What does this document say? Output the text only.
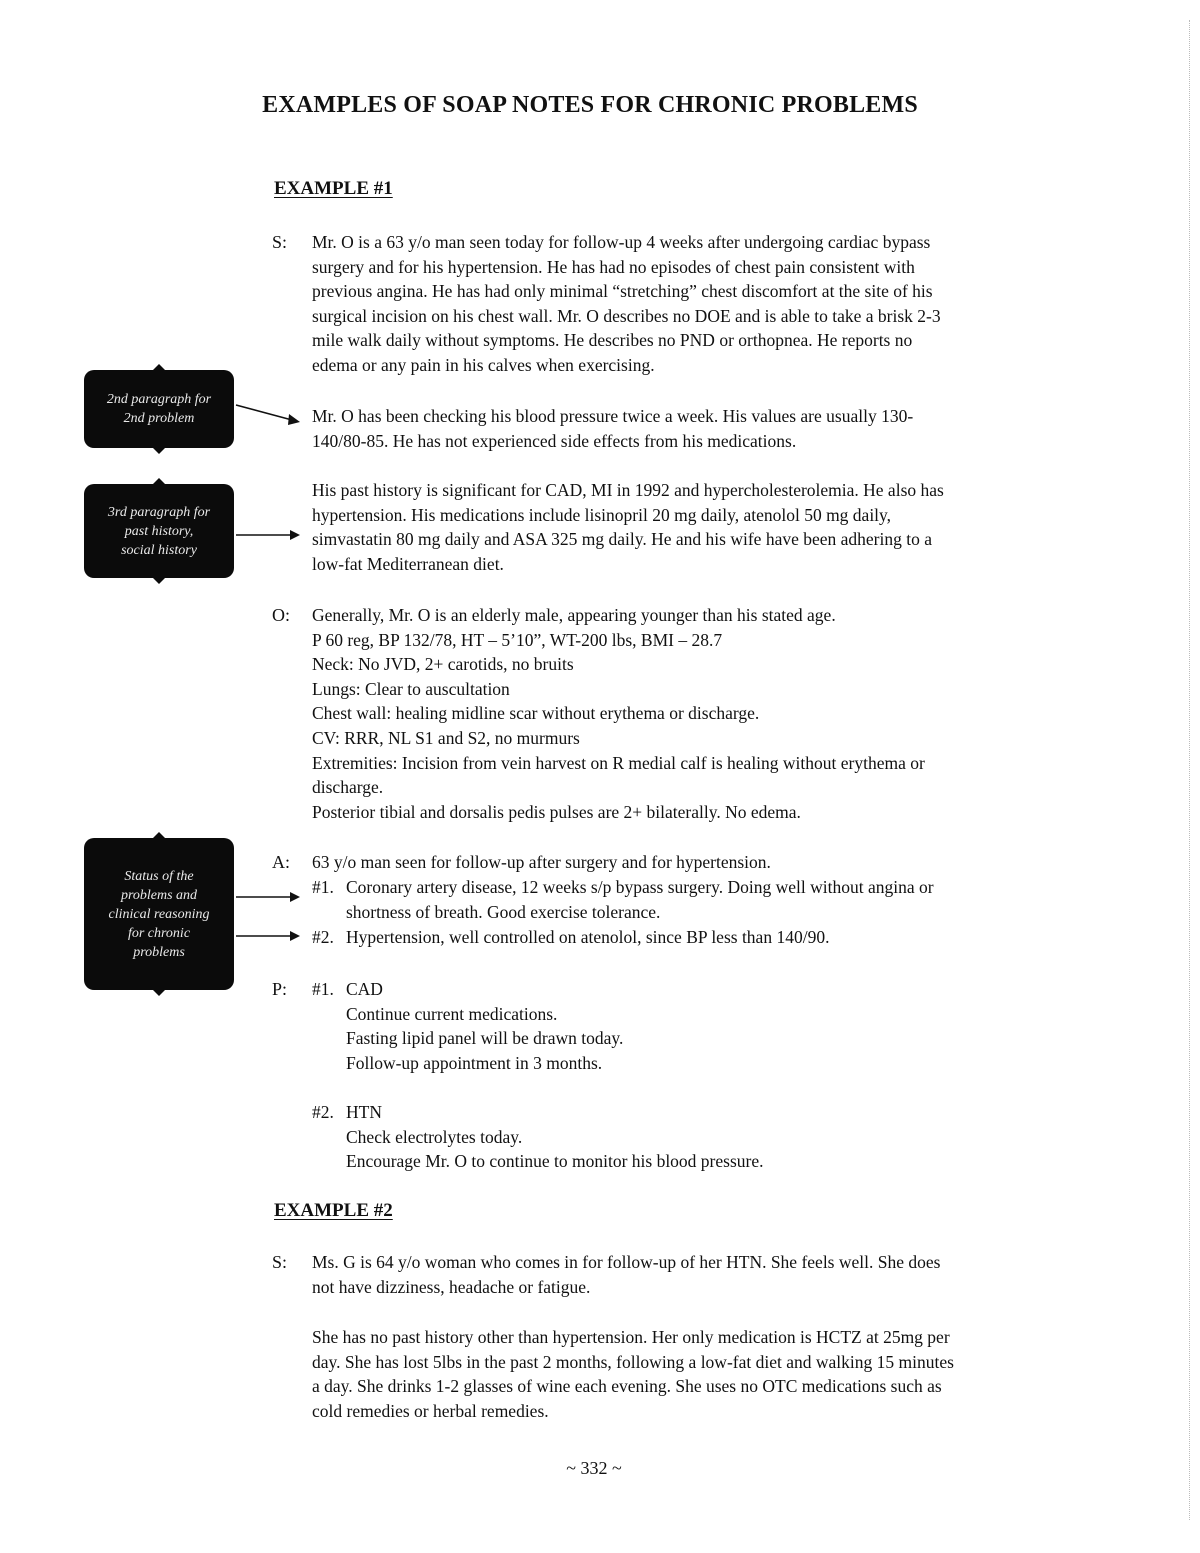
EXAMPLES OF SOAP NOTES FOR CHRONIC PROBLEMS
EXAMPLE #1
S: Mr. O is a 63 y/o man seen today for follow-up 4 weeks after undergoing cardiac bypass
surgery and for his hypertension. He has had no episodes of chest pain consistent with
previous angina. He has had only minimal “stretching” chest discomfort at the site of his
surgical incision on his chest wall. Mr. O describes no DOE and is able to take a brisk 2-3
mile walk daily without symptoms. He describes no PND or orthopnea. He reports no
edema or any pain in his calves when exercising.
Mr. O has been checking his blood pressure twice a week. His values are usually 130-
140/80-85. He has not experienced side effects from his medications.
His past history is significant for CAD, MI in 1992 and hypercholesterolemia. He also has
hypertension. His medications include lisinopril 20 mg daily, atenolol 50 mg daily,
simvastatin 80 mg daily and ASA 325 mg daily. He and his wife have been adhering to a
low-fat Mediterranean diet.
O: Generally, Mr. O is an elderly male, appearing younger than his stated age.
P 60 reg, BP 132/78, HT – 5’10”, WT-200 lbs, BMI – 28.7
Neck: No JVD, 2+ carotids, no bruits
Lungs: Clear to auscultation
Chest wall: healing midline scar without erythema or discharge.
CV: RRR, NL S1 and S2, no murmurs
Extremities: Incision from vein harvest on R medial calf is healing without erythema or
discharge.
Posterior tibial and dorsalis pedis pulses are 2+ bilaterally. No edema.
A: 63 y/o man seen for follow-up after surgery and for hypertension.
#1. Coronary artery disease, 12 weeks s/p bypass surgery. Doing well without angina or
shortness of breath. Good exercise tolerance.
#2. Hypertension, well controlled on atenolol, since BP less than 140/90.
P: #1. CAD
Continue current medications.
Fasting lipid panel will be drawn today.
Follow-up appointment in 3 months.
#2. HTN
Check electrolytes today.
Encourage Mr. O to continue to monitor his blood pressure.
EXAMPLE #2
S: Ms. G is 64 y/o woman who comes in for follow-up of her HTN. She feels well. She does
not have dizziness, headache or fatigue.
She has no past history other than hypertension. Her only medication is HCTZ at 25mg per
day. She has lost 5lbs in the past 2 months, following a low-fat diet and walking 15 minutes
a day. She drinks 1-2 glasses of wine each evening. She uses no OTC medications such as
cold remedies or herbal remedies.
2nd paragraph for
2nd problem
3rd paragraph for
past history,
social history
Status of the
problems and
clinical reasoning
for chronic
problems
~ 332 ~
